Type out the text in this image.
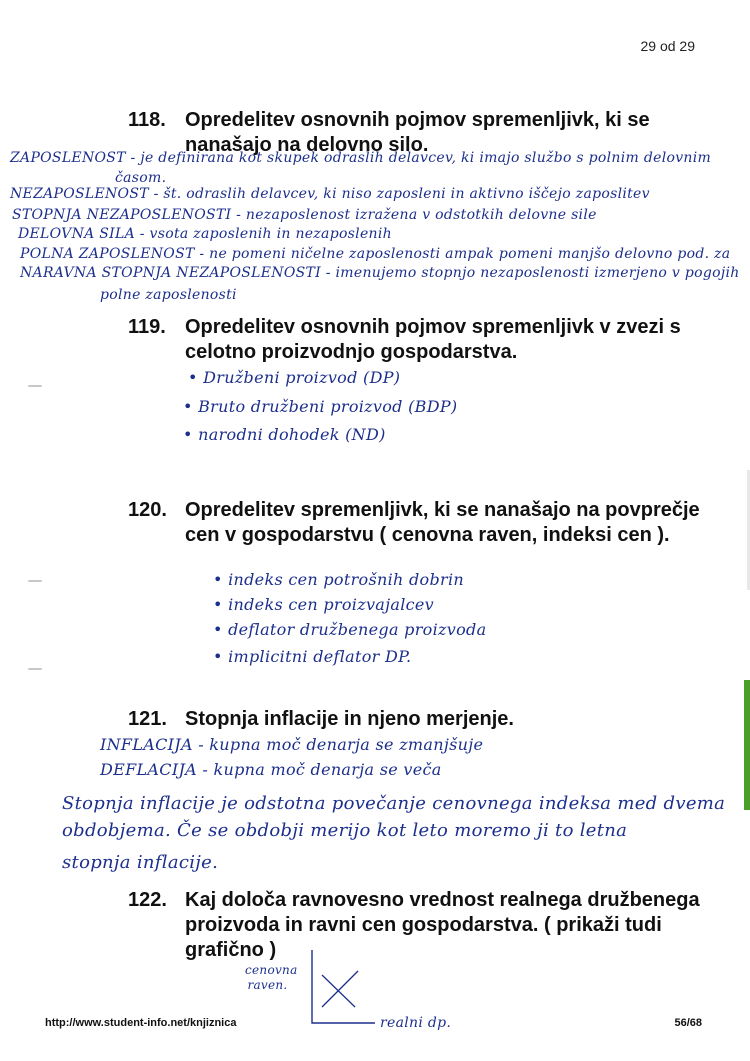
29 od 29
118. Opredelitev osnovnih pojmov spremenljivk, ki se nanašajo na delovno silo.
ZAPOSLENOST - je definirana kot skupek odraslih delavcev, ki imajo službo s polnim delovnim
časom.
NEZAPOSLENOST - št. odraslih delavcev, ki niso zaposleni in aktivno iščejo zaposlitev
STOPNJA NEZAPOSLENOSTI - nezaposlenost izražena v odstotkih delovne sile
DELOVNA SILA - vsota zaposlenih in nezaposlenih
POLNA ZAPOSLENOST - ne pomeni ničelne zaposlenosti ampak pomeni manjšo delovno pod. za
NARAVNA STOPNJA NEZAPOSLENOSTI - imenujemo stopnjo nezaposlenosti izmerjeno v pogojih
polne zaposlenosti
119. Opredelitev osnovnih pojmov spremenljivk v zvezi s celotno proizvodnjo gospodarstva.
• Družbeni proizvod (DP)
• Bruto družbeni proizvod (BDP)
• narodni dohodek (ND)
120. Opredelitev spremenljivk, ki se nanašajo na povprečje cen v gospodarstvu ( cenovna raven, indeksi cen ).
• indeks cen potrošnih dobrin
• indeks cen proizvajalcev
• deflator družbenega proizvoda
• implicitni deflator DP.
121. Stopnja inflacije in njeno merjenje.
INFLACIJA - kupna moč denarja se zmanjšuje
DEFLACIJA - kupna moč denarja se veča
Stopnja inflacije je odstotna povečanje cenovnega indeksa med dvema
obdobjema. Če se obdobji merijo kot leto moremo ji to letna
stopnja inflacije.
122. Kaj določa ravnovesno vrednost realnega družbenega proizvoda in ravni cen gospodarstva. ( prikaži tudi grafično )
cenovna raven.
realni dp.
http://www.student-info.net/knjiznica	56/68
